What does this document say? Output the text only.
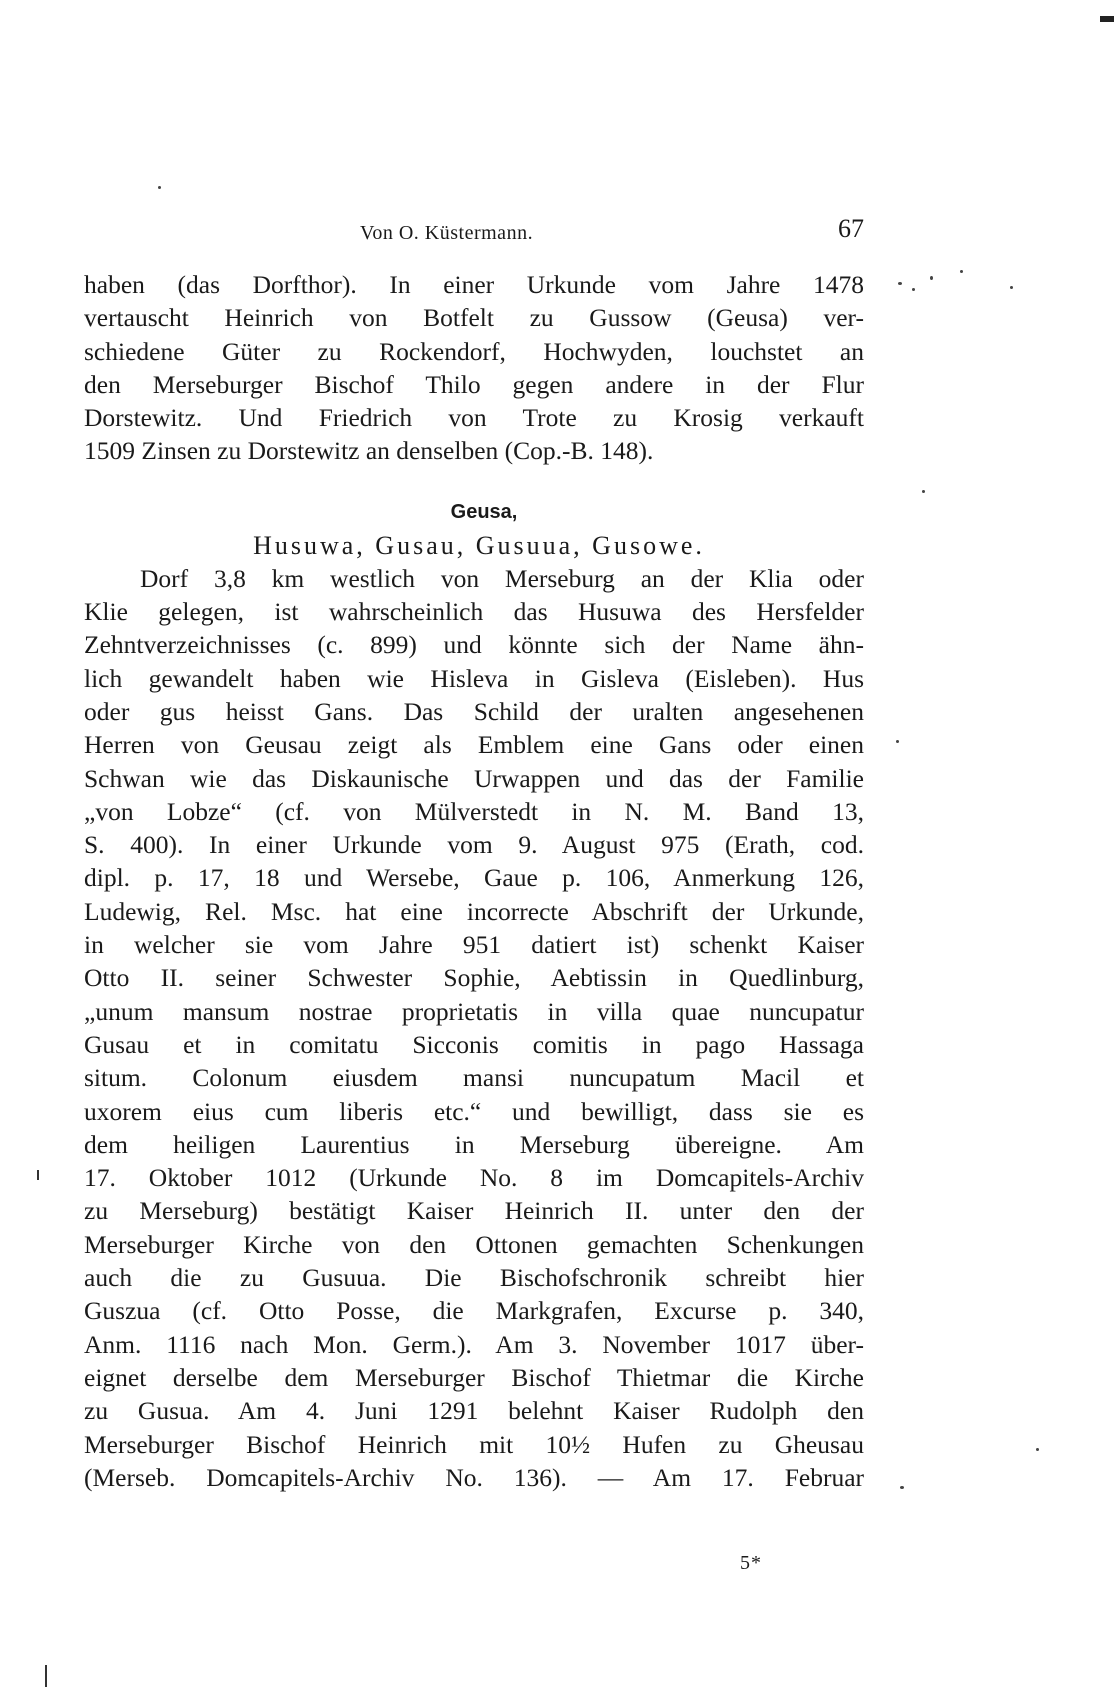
Von O. Küstermann.	67
haben (das Dorfthor). In einer Urkunde vom Jahre 1478
vertauscht Heinrich von Botfelt zu Gussow (Geusa) ver-
schiedene Güter zu Rockendorf, Hochwyden, louchstet an
den Merseburger Bischof Thilo gegen andere in der Flur
Dorstewitz. Und Friedrich von Trote zu Krosig verkauft
1509 Zinsen zu Dorstewitz an denselben (Cop.-B. 148).
Geusa,
Husuwa, Gusau, Gusuua, Gusowe.
Dorf 3,8 km westlich von Merseburg an der Klia oder
Klie gelegen, ist wahrscheinlich das Husuwa des Hersfelder
Zehntverzeichnisses (c. 899) und könnte sich der Name ähn-
lich gewandelt haben wie Hisleva in Gisleva (Eisleben). Hus
oder gus heisst Gans. Das Schild der uralten angesehenen
Herren von Geusau zeigt als Emblem eine Gans oder einen
Schwan wie das Diskaunische Urwappen und das der Familie
„von Lobze“ (cf. von Mülverstedt in N. M. Band 13,
S. 400). In einer Urkunde vom 9. August 975 (Erath, cod.
dipl. p. 17, 18 und Wersebe, Gaue p. 106, Anmerkung 126,
Ludewig, Rel. Msc. hat eine incorrecte Abschrift der Urkunde,
in welcher sie vom Jahre 951 datiert ist) schenkt Kaiser
Otto II. seiner Schwester Sophie, Aebtissin in Quedlinburg,
„unum mansum nostrae proprietatis in villa quae nuncupatur
Gusau et in comitatu Sicconis comitis in pago Hassaga
situm. Colonum eiusdem mansi nuncupatum Macil et
uxorem eius cum liberis etc.“ und bewilligt, dass sie es
dem heiligen Laurentius in Merseburg übereigne. Am
17. Oktober 1012 (Urkunde No. 8 im Domcapitels-Archiv
zu Merseburg) bestätigt Kaiser Heinrich II. unter den der
Merseburger Kirche von den Ottonen gemachten Schenkungen
auch die zu Gusuua. Die Bischofschronik schreibt hier
Guszua (cf. Otto Posse, die Markgrafen, Excurse p. 340,
Anm. 1116 nach Mon. Germ.). Am 3. November 1017 über-
eignet derselbe dem Merseburger Bischof Thietmar die Kirche
zu Gusua. Am 4. Juni 1291 belehnt Kaiser Rudolph den
Merseburger Bischof Heinrich mit 10½ Hufen zu Gheusau
(Merseb. Domcapitels-Archiv No. 136). — Am 17. Februar
5*
